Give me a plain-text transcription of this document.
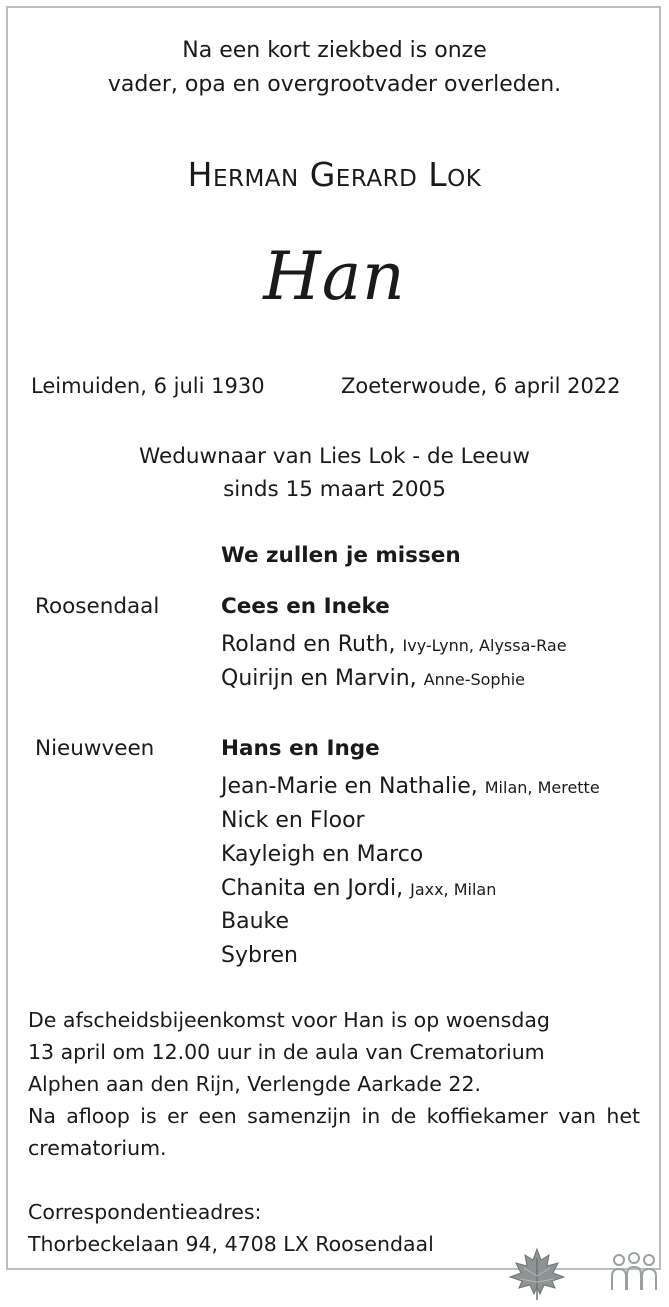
Na een kort ziekbed is onze
vader, opa en overgrootvader overleden.
Herman Gerard Lok
Han
Leimuiden, 6 juli 1930	Zoeterwoude, 6 april 2022
Weduwnaar van Lies Lok - de Leeuw
sinds 15 maart 2005
We zullen je missen
Roosendaal	Cees en Ineke
Roland en Ruth, Ivy-Lynn, Alyssa-Rae
Quirijn en Marvin, Anne-Sophie
Nieuwveen	Hans en Inge
Jean-Marie en Nathalie, Milan, Merette
Nick en Floor
Kayleigh en Marco
Chanita en Jordi, Jaxx, Milan
Bauke
Sybren
De afscheidsbijeenkomst voor Han is op woensdag
13 april om 12.00 uur in de aula van Crematorium
Alphen aan den Rijn, Verlengde Aarkade 22.
Na afloop is er een samenzijn in de koffiekamer van het
crematorium.
Correspondentieadres:
Thorbeckelaan 94, 4708 LX Roosendaal
